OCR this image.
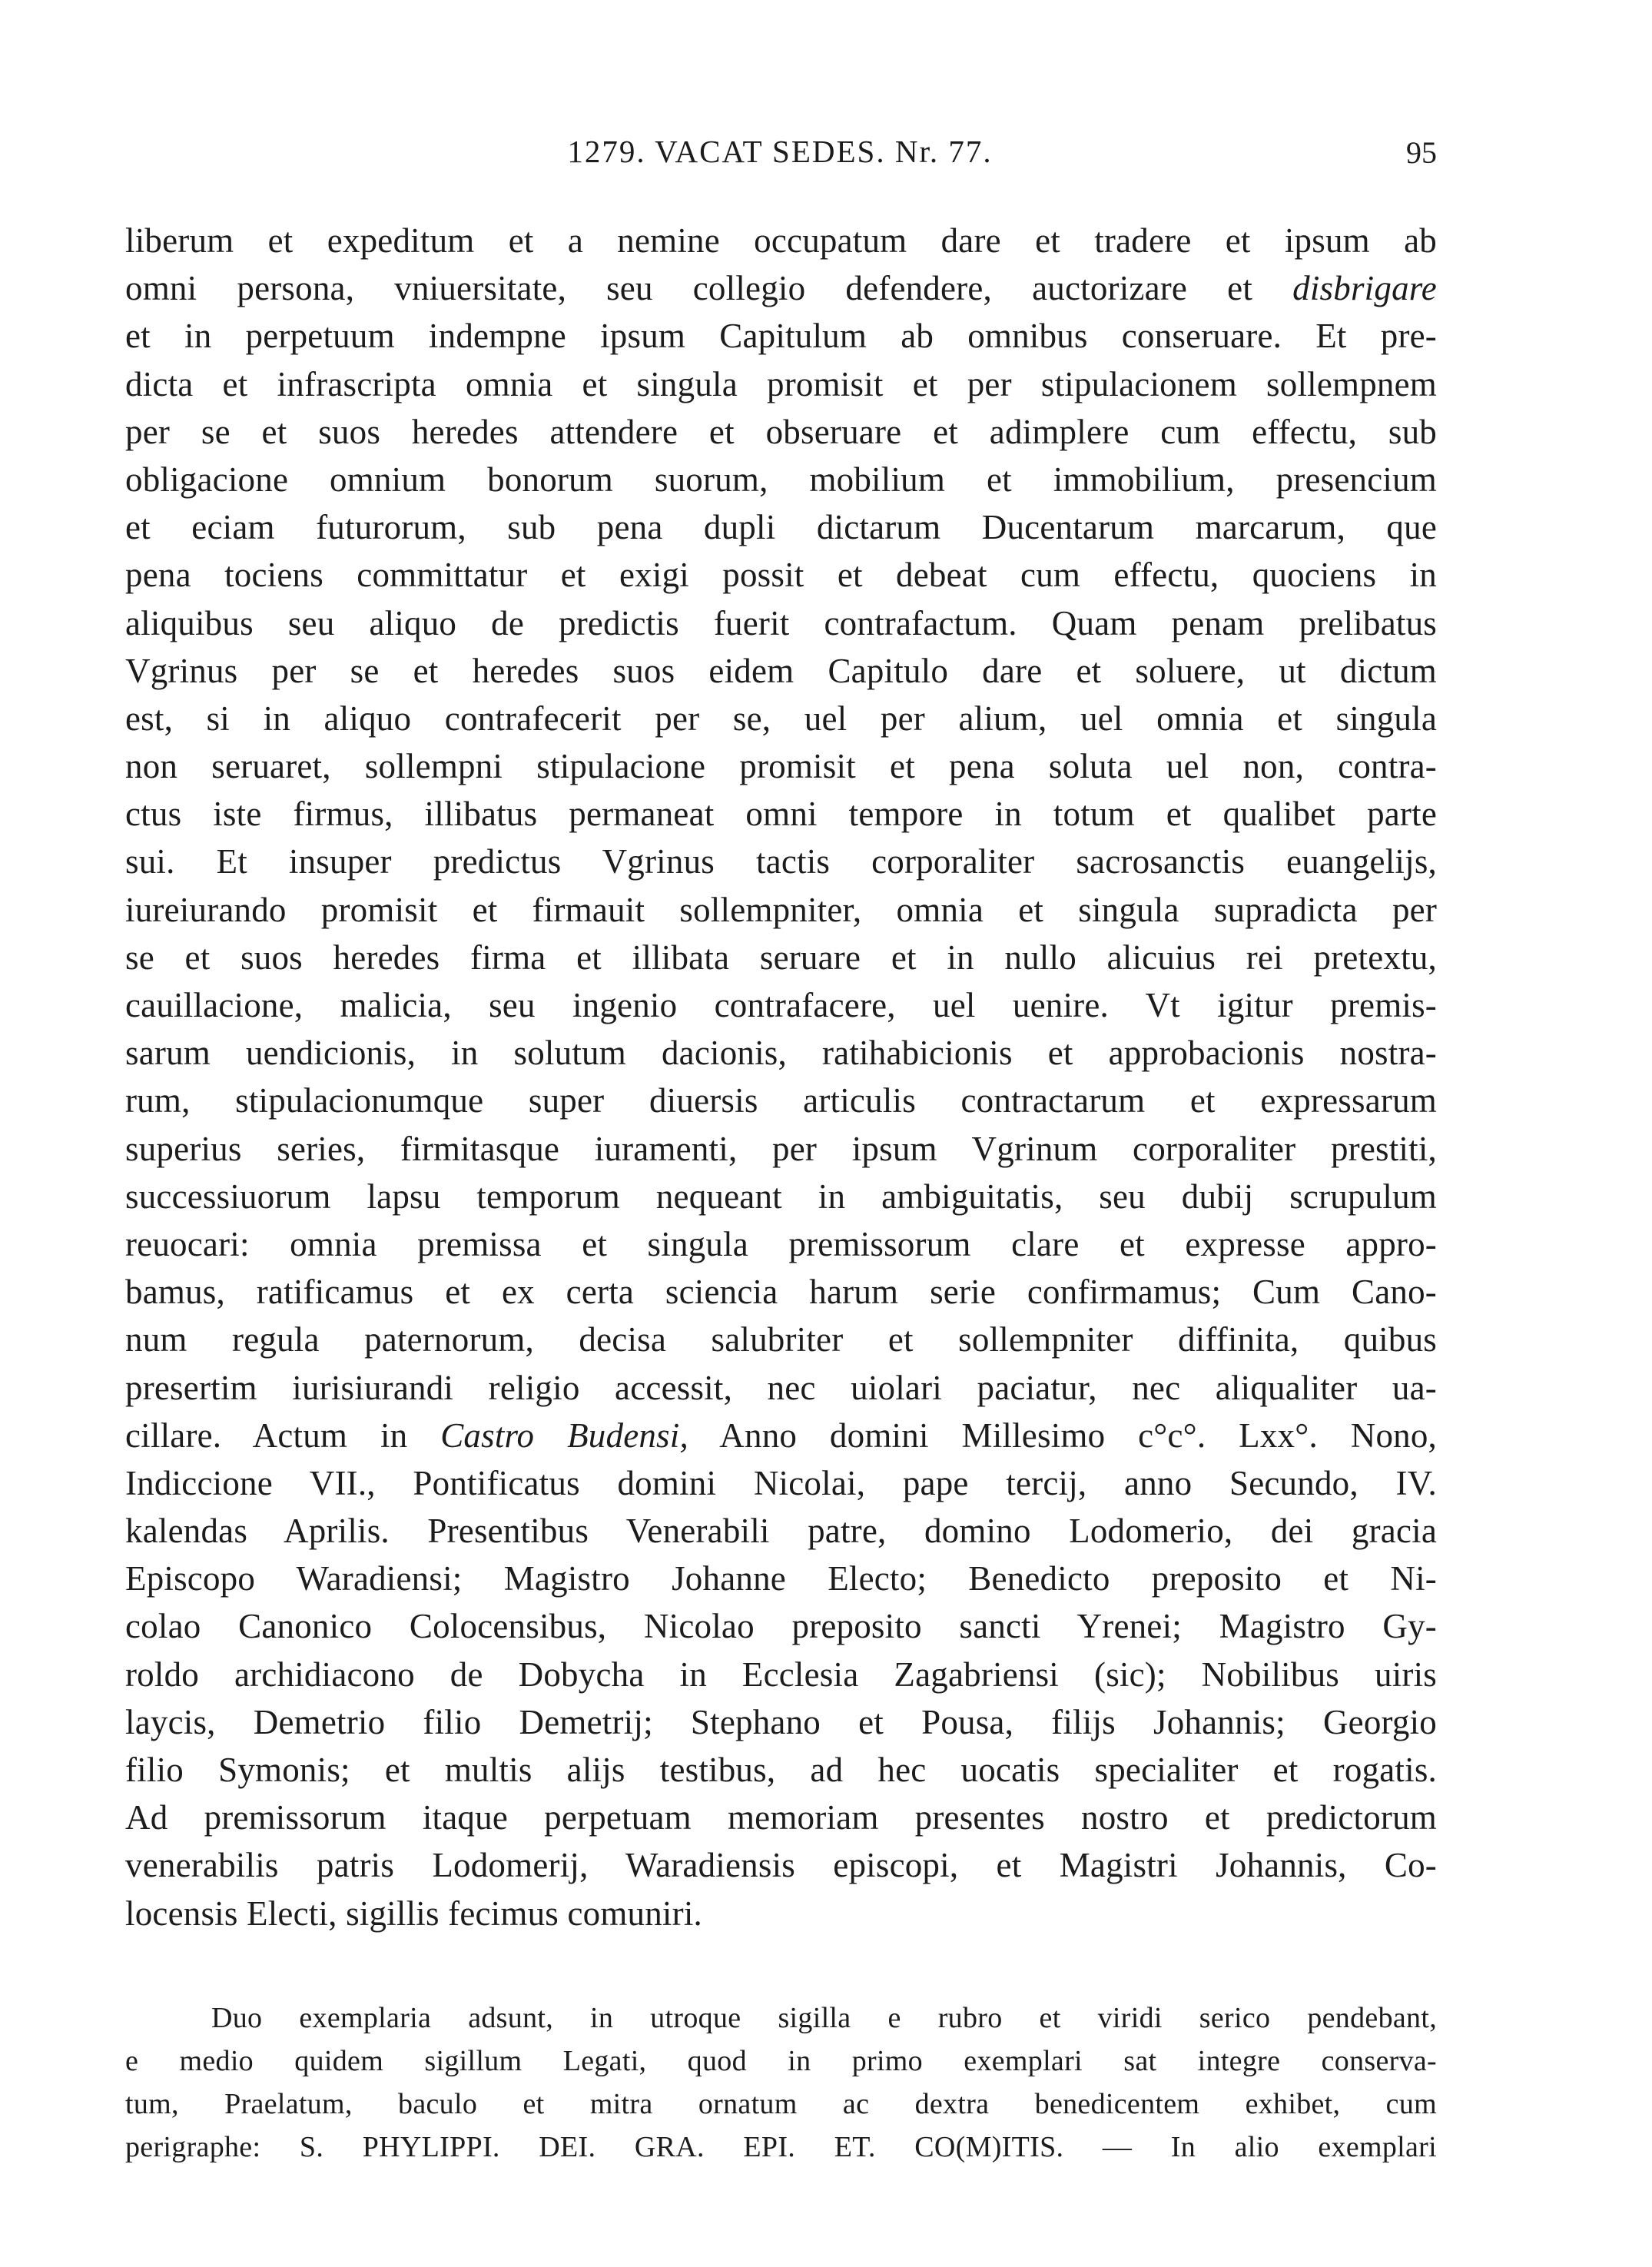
1279. VACAT SEDES. Nr. 77.	95
liberum et expeditum et a nemine occupatum dare et tradere et ipsum ab
omni persona, vniuersitate, seu collegio defendere, auctorizare et disbrigare
et in perpetuum indempne ipsum Capitulum ab omnibus conseruare. Et pre-
dicta et infrascripta omnia et singula promisit et per stipulacionem sollempnem
per se et suos heredes attendere et obseruare et adimplere cum effectu, sub
obligacione omnium bonorum suorum, mobilium et immobilium, presencium
et eciam futurorum, sub pena dupli dictarum Ducentarum marcarum, que
pena tociens committatur et exigi possit et debeat cum effectu, quociens in
aliquibus seu aliquo de predictis fuerit contrafactum. Quam penam prelibatus
Vgrinus per se et heredes suos eidem Capitulo dare et soluere, ut dictum
est, si in aliquo contrafecerit per se, uel per alium, uel omnia et singula
non seruaret, sollempni stipulacione promisit et pena soluta uel non, contra-
ctus iste firmus, illibatus permaneat omni tempore in totum et qualibet parte
sui. Et insuper predictus Vgrinus tactis corporaliter sacrosanctis euangelijs,
iureiurando promisit et firmauit sollempniter, omnia et singula supradicta per
se et suos heredes firma et illibata seruare et in nullo alicuius rei pretextu,
cauillacione, malicia, seu ingenio contrafacere, uel uenire. Vt igitur premis-
sarum uendicionis, in solutum dacionis, ratihabicionis et approbacionis nostra-
rum, stipulacionumque super diuersis articulis contractarum et expressarum
superius series, firmitasque iuramenti, per ipsum Vgrinum corporaliter prestiti,
successiuorum lapsu temporum nequeant in ambiguitatis, seu dubij scrupulum
reuocari: omnia premissa et singula premissorum clare et expresse appro-
bamus, ratificamus et ex certa sciencia harum serie confirmamus; Cum Cano-
num regula paternorum, decisa salubriter et sollempniter diffinita, quibus
presertim iurisiurandi religio accessit, nec uiolari paciatur, nec aliqualiter ua-
cillare. Actum in Castro Budensi, Anno domini Millesimo c°c°. Lxx°. Nono,
Indiccione VII., Pontificatus domini Nicolai, pape tercij, anno Secundo, IV.
kalendas Aprilis. Presentibus Venerabili patre, domino Lodomerio, dei gracia
Episcopo Waradiensi; Magistro Johanne Electo; Benedicto preposito et Ni-
colao Canonico Colocensibus, Nicolao preposito sancti Yrenei; Magistro Gy-
roldo archidiacono de Dobycha in Ecclesia Zagabriensi (sic); Nobilibus uiris
laycis, Demetrio filio Demetrij; Stephano et Pousa, filijs Johannis; Georgio
filio Symonis; et multis alijs testibus, ad hec uocatis specialiter et rogatis.
Ad premissorum itaque perpetuam memoriam presentes nostro et predictorum
venerabilis patris Lodomerij, Waradiensis episcopi, et Magistri Johannis, Co-
locensis Electi, sigillis fecimus comuniri.
Duo exemplaria adsunt, in utroque sigilla e rubro et viridi serico pendebant,
e medio quidem sigillum Legati, quod in primo exemplari sat integre conserva-
tum, Praelatum, baculo et mitra ornatum ac dextra benedicentem exhibet, cum
perigraphe: S. PHYLIPPI. DEI. GRA. EPI. ET. CO(M)ITIS. — In alio exemplari
